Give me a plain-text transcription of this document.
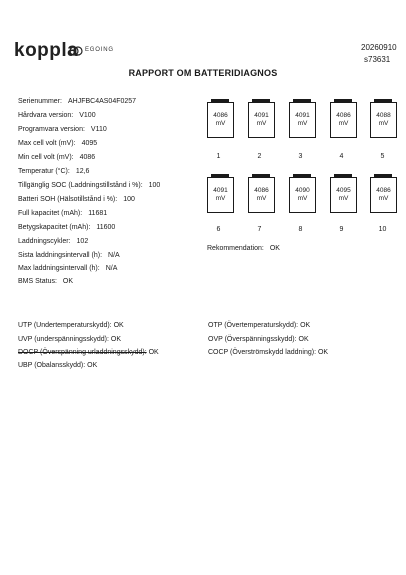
koppla EGOING	20260910
s73631
RAPPORT OM BATTERIDIAGNOS
Serienummer: AHJFBC4AS04F0257
Hårdvara version: V100
Programvara version: V110
Max cell volt (mV): 4095
Min cell volt (mV): 4086
Temperatur (°C): 12,6
Tillgänglig SOC (Laddningstillstånd i %): 100
Batteri SOH (Hälsotillstånd i %): 100
Full kapacitet (mAh): 11681
Betygskapacitet (mAh): 11600
Laddningscykler: 102
Sista laddningsintervall (h): N/A
Max laddningsintervall (h): N/A
BMS Status: OK
4086
mV
4091
mV
4091
mV
4086
mV
4088
mV
1	2	3	4	5
4091
mV
4086
mV
4090
mV
4095
mV
4086
mV
6	7	8	9	10
Rekommendation: OK
UTP (Undertemperaturskydd): OK
UVP (underspänningsskydd): OK
DOCP (Överspänning urladdningsskydd): OK
UBP (Obalansskydd): OK
OTP (Övertemperaturskydd): OK
OVP (Överspänningsskydd): OK
COCP (Överströmskydd laddning): OK
